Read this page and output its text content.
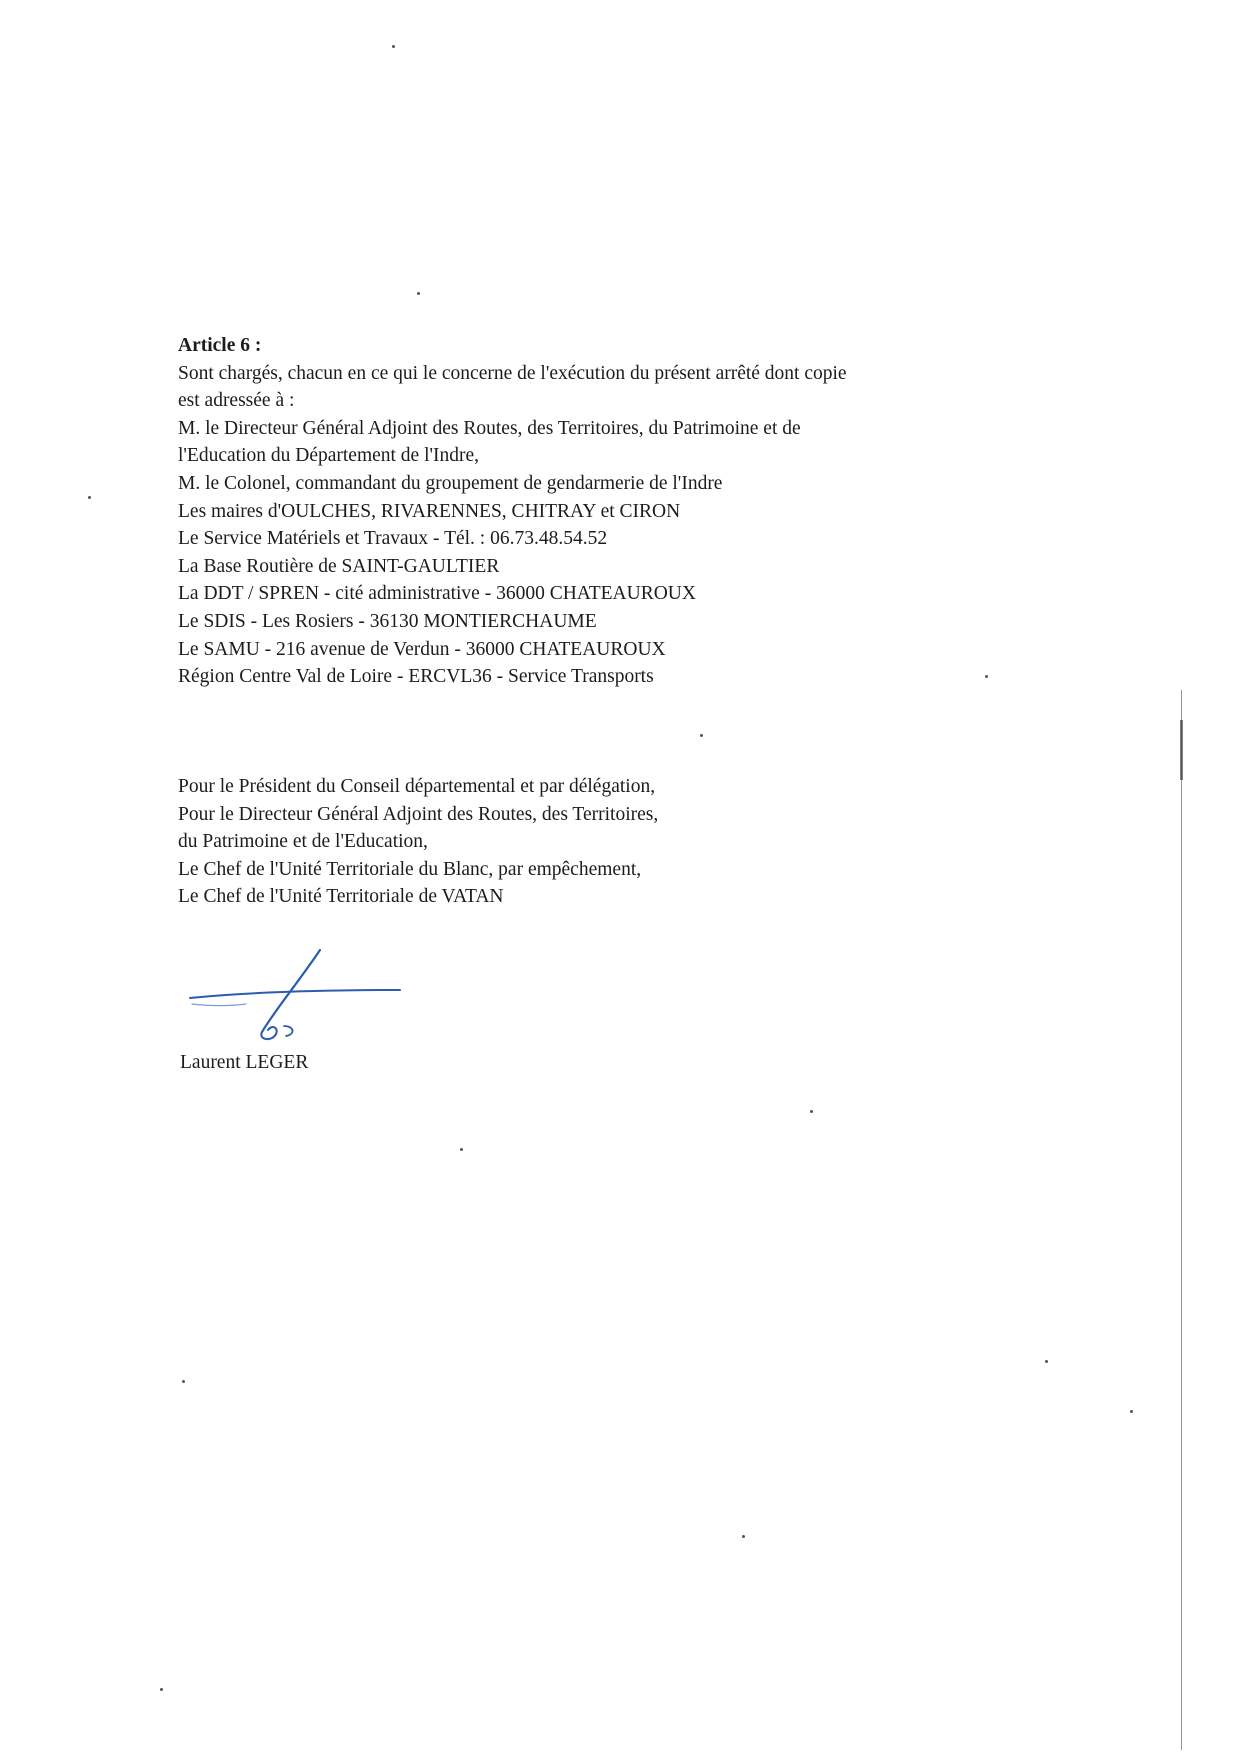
Article 6 :
Sont chargés, chacun en ce qui le concerne de l'exécution du présent arrêté dont copie
est adressée à :
M. le Directeur Général Adjoint des Routes, des Territoires, du Patrimoine et de
l'Education du Département de l'Indre,
M. le Colonel, commandant du groupement de gendarmerie de l'Indre
Les maires d'OULCHES, RIVARENNES, CHITRAY et CIRON
Le Service Matériels et Travaux - Tél. : 06.73.48.54.52
La Base Routière de SAINT-GAULTIER
La DDT / SPREN - cité administrative - 36000 CHATEAUROUX
Le SDIS - Les Rosiers - 36130 MONTIERCHAUME
Le SAMU - 216 avenue de Verdun - 36000 CHATEAUROUX
Région Centre Val de Loire - ERCVL36 - Service Transports
Pour le Président du Conseil départemental et par délégation,
Pour le Directeur Général Adjoint des Routes, des Territoires,
du Patrimoine et de l'Education,
Le Chef de l'Unité Territoriale du Blanc, par empêchement,
Le Chef de l'Unité Territoriale de VATAN
Laurent LEGER
